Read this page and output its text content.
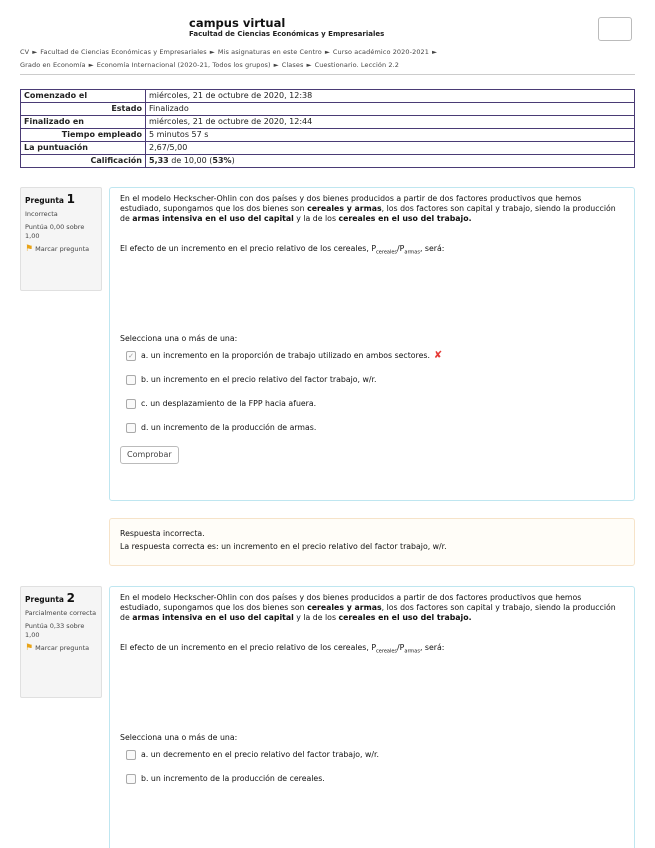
campus virtual
Facultad de Ciencias Económicas y Empresariales
CV ► Facultad de Ciencias Económicas y Empresariales ► Mis asignaturas en este Centro ► Curso académico 2020-2021 ►
Grado en Economía ► Economía Internacional (2020-21, Todos los grupos) ► Clases ► Cuestionario. Lección 2.2
Comenzado el	miércoles, 21 de octubre de 2020, 12:38
Estado	Finalizado
Finalizado en	miércoles, 21 de octubre de 2020, 12:44
Tiempo empleado	5 minutos 57 s
La puntuación	2,67/5,00
Calificación	5,33 de 10,00 (53%)
Pregunta 1
Incorrecta
Puntúa 0,00 sobre 1,00
⚑ Marcar pregunta

En el modelo Heckscher-Ohlin con dos países y dos bienes producidos a partir de dos factores productivos que hemos estudiado, supongamos que los dos bienes son cereales y armas, los dos factores son capital y trabajo, siendo la producción de armas intensiva en el uso del capital y la de los cereales en el uso del trabajo.

El efecto de un incremento en el precio relativo de los cereales, $P_{cereales}/P_{armas}$, será:

Selecciona una o más de una:

✓ a. un incremento en la proporción de trabajo utilizado en ambos sectores. ✘
b. un incremento en el precio relativo del factor trabajo, w/r.
c. un desplazamiento de la FPP hacia afuera.
d. un incremento de la producción de armas.
Comprobar
Respuesta incorrecta.
La respuesta correcta es: un incremento en el precio relativo del factor trabajo, w/r.
Pregunta 2
Parcialmente correcta
Puntúa 0,33 sobre 1,00
⚑ Marcar pregunta

En el modelo Heckscher-Ohlin con dos países y dos bienes producidos a partir de dos factores productivos que hemos estudiado, supongamos que los dos bienes son cereales y armas, los dos factores son capital y trabajo, siendo la producción de armas intensiva en el uso del capital y la de los cereales en el uso del trabajo.

El efecto de un incremento en el precio relativo de los cereales, $P_{cereales}/P_{armas}$, será:

Selecciona una o más de una:

a. un decremento en el precio relativo del factor trabajo, w/r.
b. un incremento de la producción de cereales.
